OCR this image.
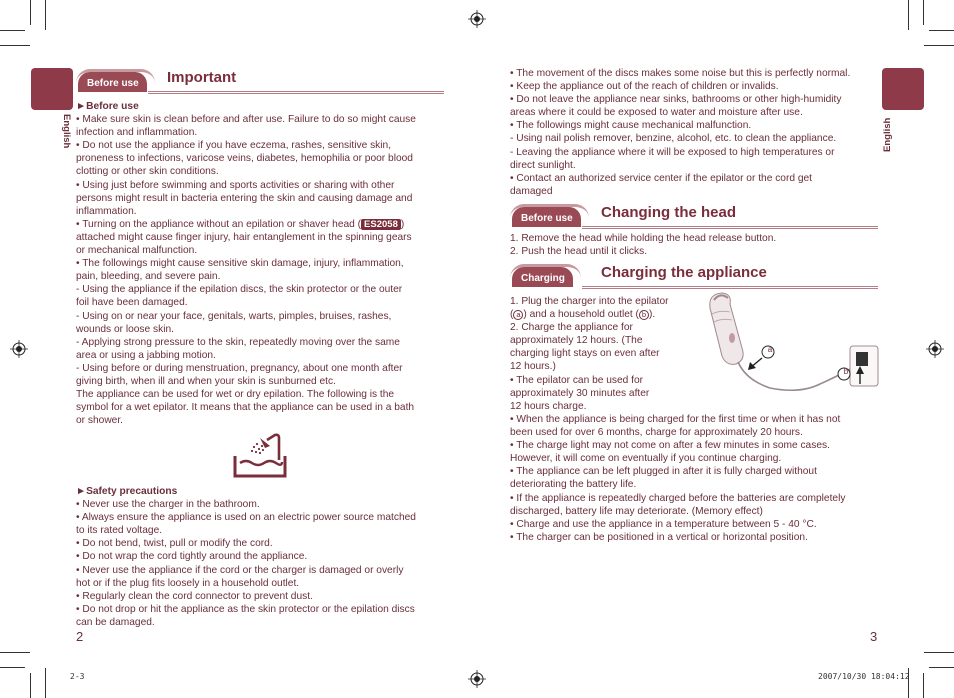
English	English
Before use	Important

►Before use

• Make sure skin is clean before and after use. Failure to do so might cause

infection and inflammation.

• Do not use the appliance if you have eczema, rashes, sensitive skin,

proneness to infections, varicose veins, diabetes, hemophilia or poor blood

clotting or other skin conditions.

• Using just before swimming and sports activities or sharing with other

persons might result in bacteria entering the skin and causing damage and

inflammation.

• Turning on the appliance without an epilation or shaver head ( ES2058 )

attached might cause finger injury, hair entanglement in the spinning gears

or mechanical malfunction.

• The followings might cause sensitive skin damage, injury, inflammation,

pain, bleeding, and severe pain.

- Using the appliance if the epilation discs, the skin protector or the outer

foil have been damaged.

- Using on or near your face, genitals, warts, pimples, bruises, rashes,

wounds or loose skin.

- Applying strong pressure to the skin, repeatedly moving over the same

area or using a jabbing motion.

- Using before or during menstruation, pregnancy, about one month after

giving birth, when ill and when your skin is sunburned etc.

The appliance can be used for wet or dry epilation. The following is the

symbol for a wet epilator. It means that the appliance can be used in a bath

or shower.

►Safety precautions

• Never use the charger in the bathroom.

• Always ensure the appliance is used on an electric power source matched

to its rated voltage.

• Do not bend, twist, pull or modify the cord.

• Do not wrap the cord tightly around the appliance.

• Never use the appliance if the cord or the charger is damaged or overly

hot or if the plug fits loosely in a household outlet.

• Regularly clean the cord connector to prevent dust.

• Do not drop or hit the appliance as the skin protector or the epilation discs

can be damaged.

2
2-3

• The movement of the discs makes some noise but this is perfectly normal.

• Keep the appliance out of the reach of children or invalids.

• Do not leave the appliance near sinks, bathrooms or other high-humidity

areas where it could be exposed to water and moisture after use.

• The followings might cause mechanical malfunction.

- Using nail polish remover, benzine, alcohol, etc. to clean the appliance.

- Leaving the appliance where it will be exposed to high temperatures or

direct sunlight.

• Contact an authorized service center if the epilator or the cord get

damaged

Before use	Changing the head

1. Remove the head while holding the head release button.

2. Push the head until it clicks.

Charging	Charging the appliance

1. Plug the charger into the epilator

( a ) and a household outlet ( b ).

2. Charge the appliance for

approximately 12 hours. (The

charging light stays on even after

12 hours.)

• The epilator can be used for

approximately 30 minutes after

12 hours charge.

a
b

• When the appliance is being charged for the first time or when it has not

been used for over 6 months, charge for approximately 20 hours.

• The charge light may not come on after a few minutes in some cases.

However, it will come on eventually if you continue charging.

• The appliance can be left plugged in after it is fully charged without

deteriorating the battery life.

• If the appliance is repeatedly charged before the batteries are completely

discharged, battery life may deteriorate. (Memory effect)

• Charge and use the appliance in a temperature between 5 - 40 °C.

• The charger can be positioned in a vertical or horizontal position.

3
2007/10/30 18:04:12
